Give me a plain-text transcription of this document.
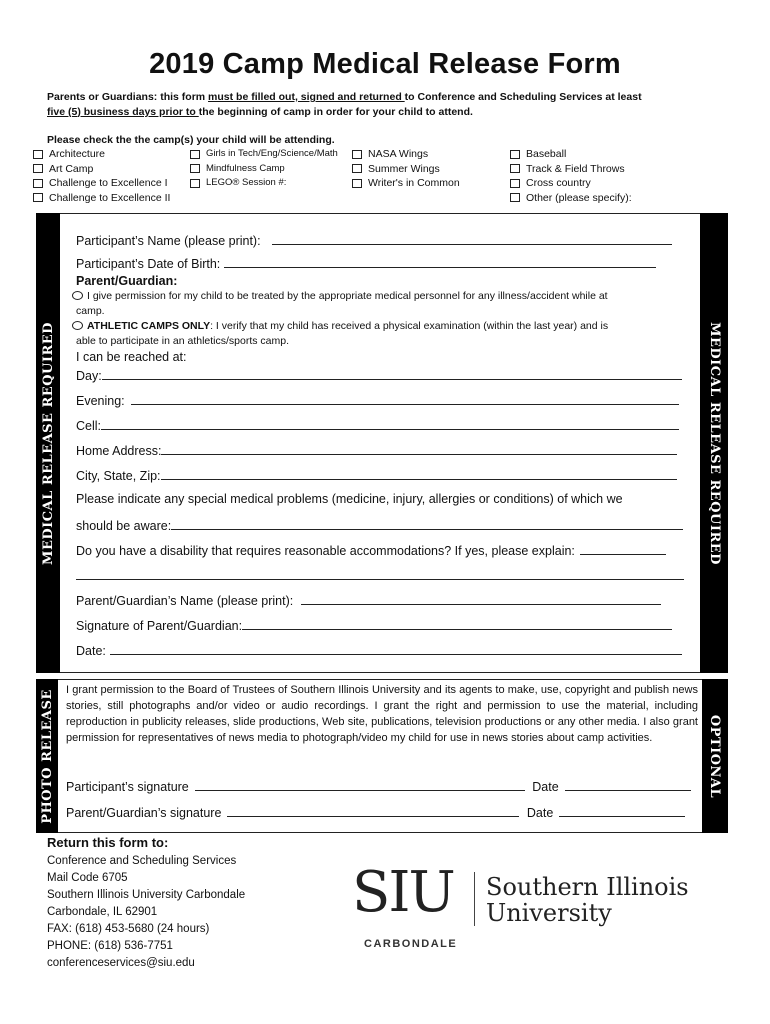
2019 Camp Medical Release Form
Parents or Guardians: this form must be filled out, signed and returned to Conference and Scheduling Services at least
five (5) business days prior to the beginning of camp in order for your child to attend.
Please check the the camp(s) your child will be attending.
Architecture
Art Camp
Challenge to Excellence I
Challenge to Excellence II
Girls in Tech/Eng/Science/Math
Mindfulness Camp
LEGO® Session #:
NASA Wings
Summer Wings
Writer's in Common
Baseball
Track & Field Throws
Cross country
Other (please specify):
MEDICAL RELEASE REQUIRED	MEDICAL RELEASE REQUIRED
Participant’s Name (please print):
Participant’s Date of Birth:
Parent/Guardian:
I give permission for my child to be treated by the appropriate medical personnel for any illness/accident while at
camp.
ATHLETIC CAMPS ONLY: I verify that my child has received a physical examination (within the last year) and is
able to participate in an athletics/sports camp.
I can be reached at:
Day:
Evening:
Cell:
Home Address:
City, State, Zip:
Please indicate any special medical problems (medicine, injury, allergies or conditions) of which we
should be aware:
Do you have a disability that requires reasonable accommodations? If yes, please explain:
Parent/Guardian’s Name (please print):
Signature of Parent/Guardian:
Date:
PHOTO RELEASE	OPTIONAL
I grant permission to the Board of Trustees of Southern Illinois University and its agents to make, use, copyright and publish news stories, still photographs and/or video or audio recordings. I grant the right and permission to use the material, including reproduction in publicity releases, slide productions, Web site, publications, television productions or any other media. I also grant permission for representatives of news media to photograph/video my child for use in news stories about camp activities.
Participant’s signature	Date
Parent/Guardian’s signature	Date
Return this form to:
Conference and Scheduling Services
Mail Code 6705
Southern Illinois University Carbondale
Carbondale, IL 62901
FAX: (618) 453-5680 (24 hours)
PHONE: (618) 536-7751
conferenceservices@siu.edu
SIU Southern Illinois
University
CARBONDALE
